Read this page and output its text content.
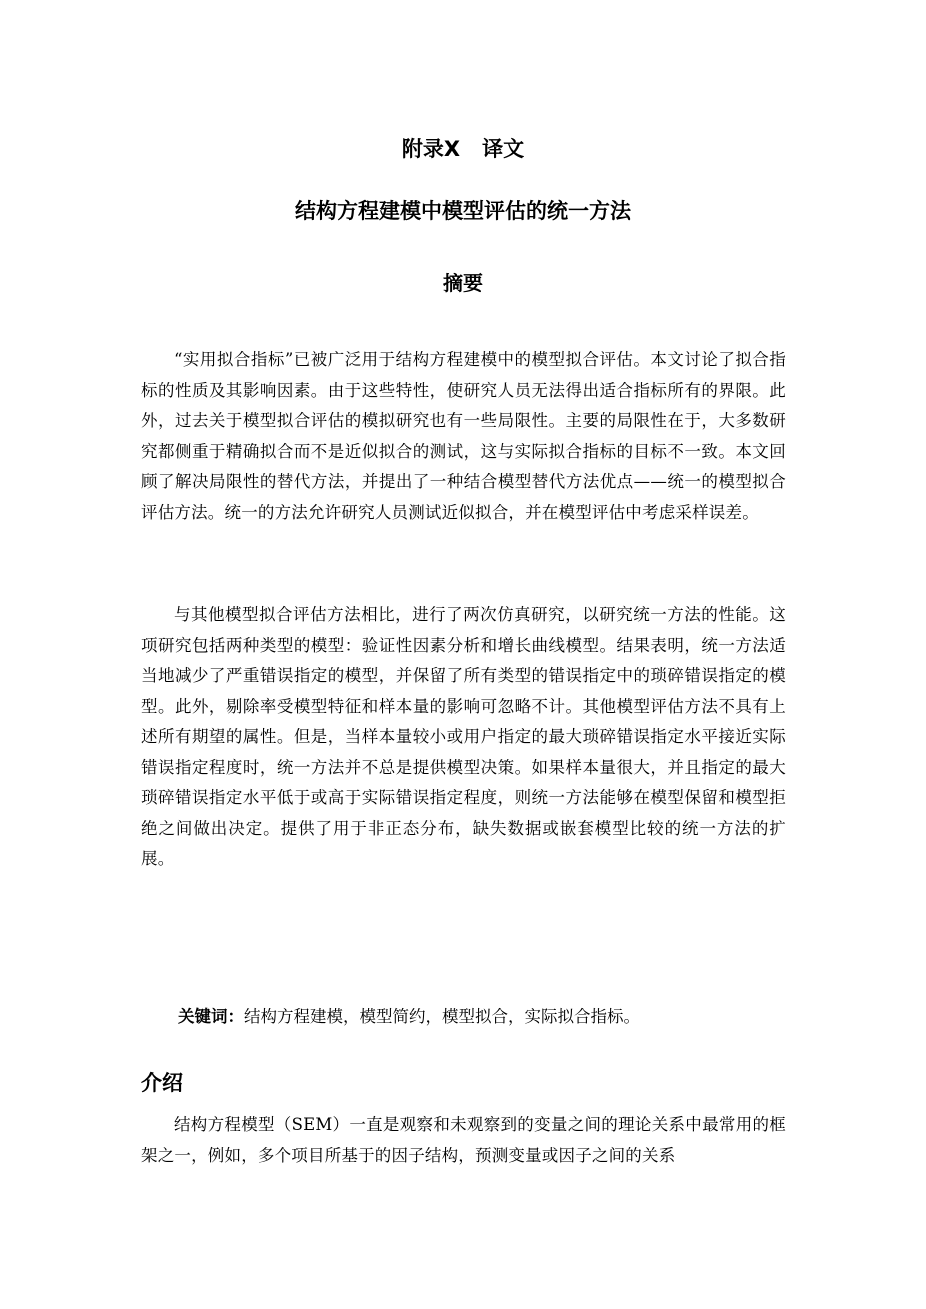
附录X 译文
结构方程建模中模型评估的统一方法
摘要

“实用拟合指标”已被广泛用于结构方程建模中的模型拟合评估。本文讨论了拟合指标的性质及其影响因素。由于这些特性，使研究人员无法得出适合指标所有的界限。此外，过去关于模型拟合评估的模拟研究也有一些局限性。主要的局限性在于，大多数研究都侧重于精确拟合而不是近似拟合的测试，这与实际拟合指标的目标不一致。本文回顾了解决局限性的替代方法，并提出了一种结合模型替代方法优点——统一的模型拟合评估方法。统一的方法允许研究人员测试近似拟合，并在模型评估中考虑采样误差。

与其他模型拟合评估方法相比，进行了两次仿真研究，以研究统一方法的性能。这项研究包括两种类型的模型：验证性因素分析和增长曲线模型。结果表明，统一方法适当地减少了严重错误指定的模型，并保留了所有类型的错误指定中的琐碎错误指定的模型。此外，剔除率受模型特征和样本量的影响可忽略不计。其他模型评估方法不具有上述所有期望的属性。但是，当样本量较小或用户指定的最大琐碎错误指定水平接近实际错误指定程度时，统一方法并不总是提供模型决策。如果样本量很大，并且指定的最大琐碎错误指定水平低于或高于实际错误指定程度，则统一方法能够在模型保留和模型拒绝之间做出决定。提供了用于非正态分布，缺失数据或嵌套模型比较的统一方法的扩展。

关键词：结构方程建模，模型简约，模型拟合，实际拟合指标。
介绍

结构方程模型（SEM）一直是观察和未观察到的变量之间的理论关系中最常用的框架之一，例如，多个项目所基于的因子结构，预测变量或因子之间的关系
